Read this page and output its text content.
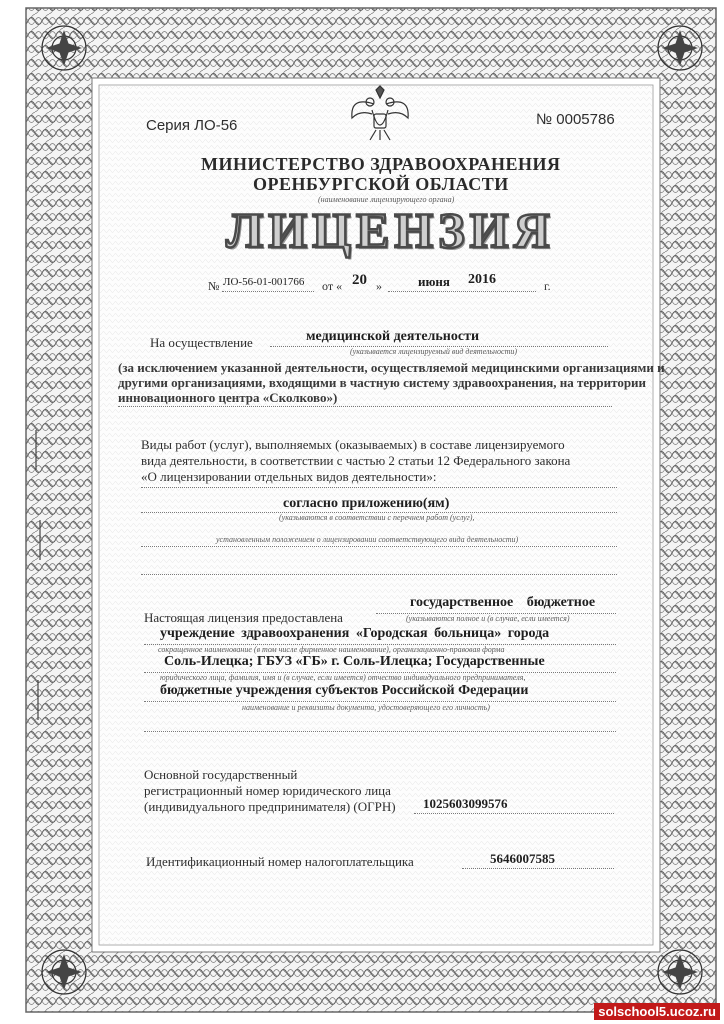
Серия ЛО-56	№ 0005786
МИНИСТЕРСТВО ЗДРАВООХРАНЕНИЯ
ОРЕНБУРГСКОЙ ОБЛАСТИ
(наименование лицензирующего органа)
ЛИЦЕНЗИЯ
№ ЛО-56-01-001766 от « 20 »	июня 2016	г.
На осуществление	медицинской деятельности
(указывается лицензируемый вид деятельности)
(за исключением указанной деятельности, осуществляемой медицинскими организациями и
другими организациями, входящими в частную систему здравоохранения, на территории
инновационного центра «Сколково»)
Виды работ (услуг), выполняемых (оказываемых) в составе лицензируемого
вида деятельности, в соответствии с частью 2 статьи 12 Федерального закона
«О лицензировании отдельных видов деятельности»:
согласно приложению(ям)
(указываются в соответствии с перечнем работ (услуг),
установленным положением о лицензировании соответствующего вида деятельности)
Настоящая лицензия предоставлена
государственное бюджетное
(указываются полное и (в случае, если имеется)
учреждение здравоохранения «Городская больница» города
сокращенное наименование (в том числе фирменное наименование), организационно-правовая форма
Соль-Илецка; ГБУЗ «ГБ» г. Соль-Илецка; Государственные
юридического лица, фамилия, имя и (в случае, если имеется) отчество индивидуального предпринимателя,
бюджетные учреждения субъектов Российской Федерации
наименование и реквизиты документа, удостоверяющего его личность)
Основной государственный
регистрационный номер юридического лица
(индивидуального предпринимателя) (ОГРН) 1025603099576
Идентификационный номер налогоплательщика	5646007585
solschool5.ucoz.ru
